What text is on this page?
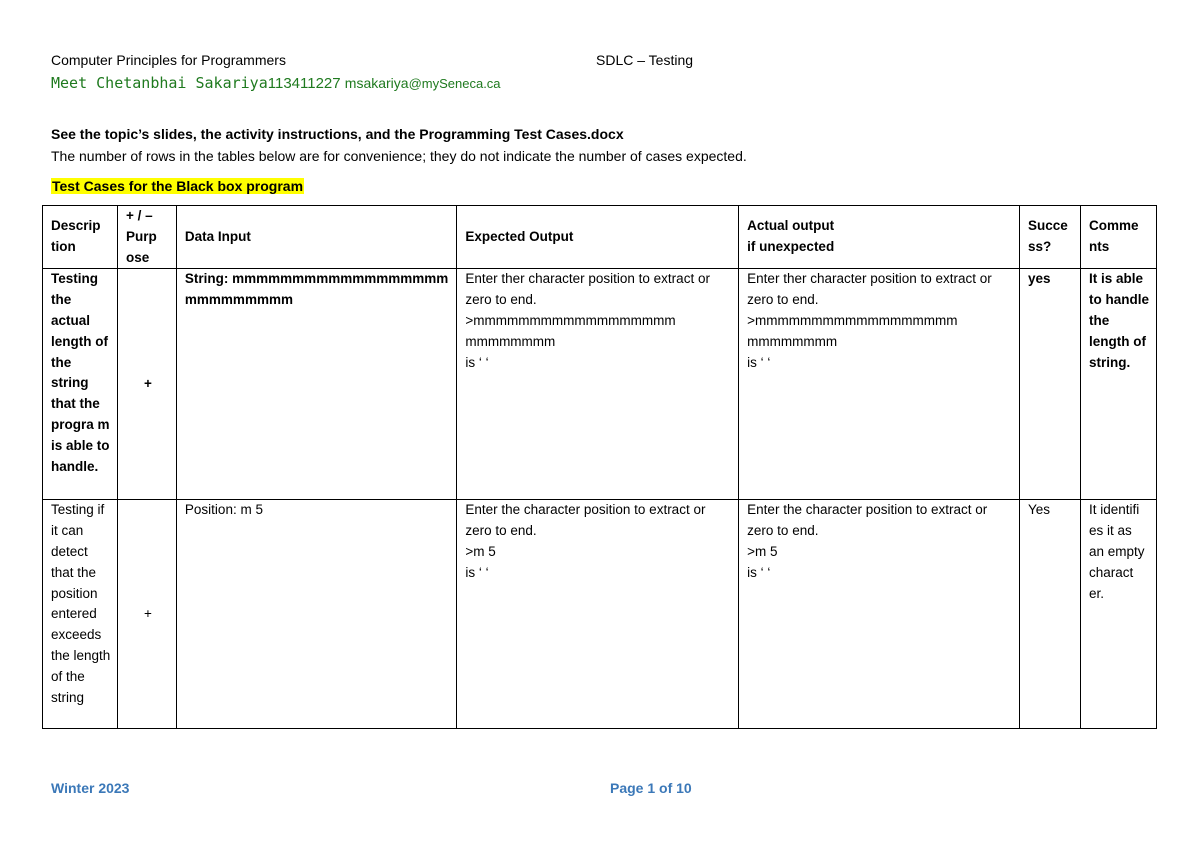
Computer Principles for Programmers	SDLC – Testing
Meet Chetanbhai Sakariya113411227 msakariya@mySeneca.ca
See the topic’s slides, the activity instructions, and the Programming Test Cases.docx
The number of rows in the tables below are for convenience; they do not indicate the number of cases expected.
Test Cases for the Black box program
Descrip tion	+ / – Purp ose	Data Input	Expected Output	Actual output
if unexpected	Succe ss?	Comme nts
Testing the actual length of the string that the progra m is able to handle.	+	String: mmmmmmmmmmmmmmmmmmmmmmmmmmm	Enter ther character position to extract or zero to end.
>mmmmmmmmmmmmmmmmmm mmmmmmmm
is ‘ ‘	Enter ther character position to extract or zero to end.
>mmmmmmmmmmmmmmmmmm mmmmmmmm
is ‘ ‘	yes	It is able to handle the length of string.
Testing if it can detect that the position entered exceeds the length of the string	+	Position: m 5	Enter the character position to extract or zero to end.
>m 5
is ‘ ‘	Enter the character position to extract or zero to end.
>m 5
is ‘ ‘	Yes	It identifi es it as an empty charact er.
Winter 2023	Page 1 of 10
